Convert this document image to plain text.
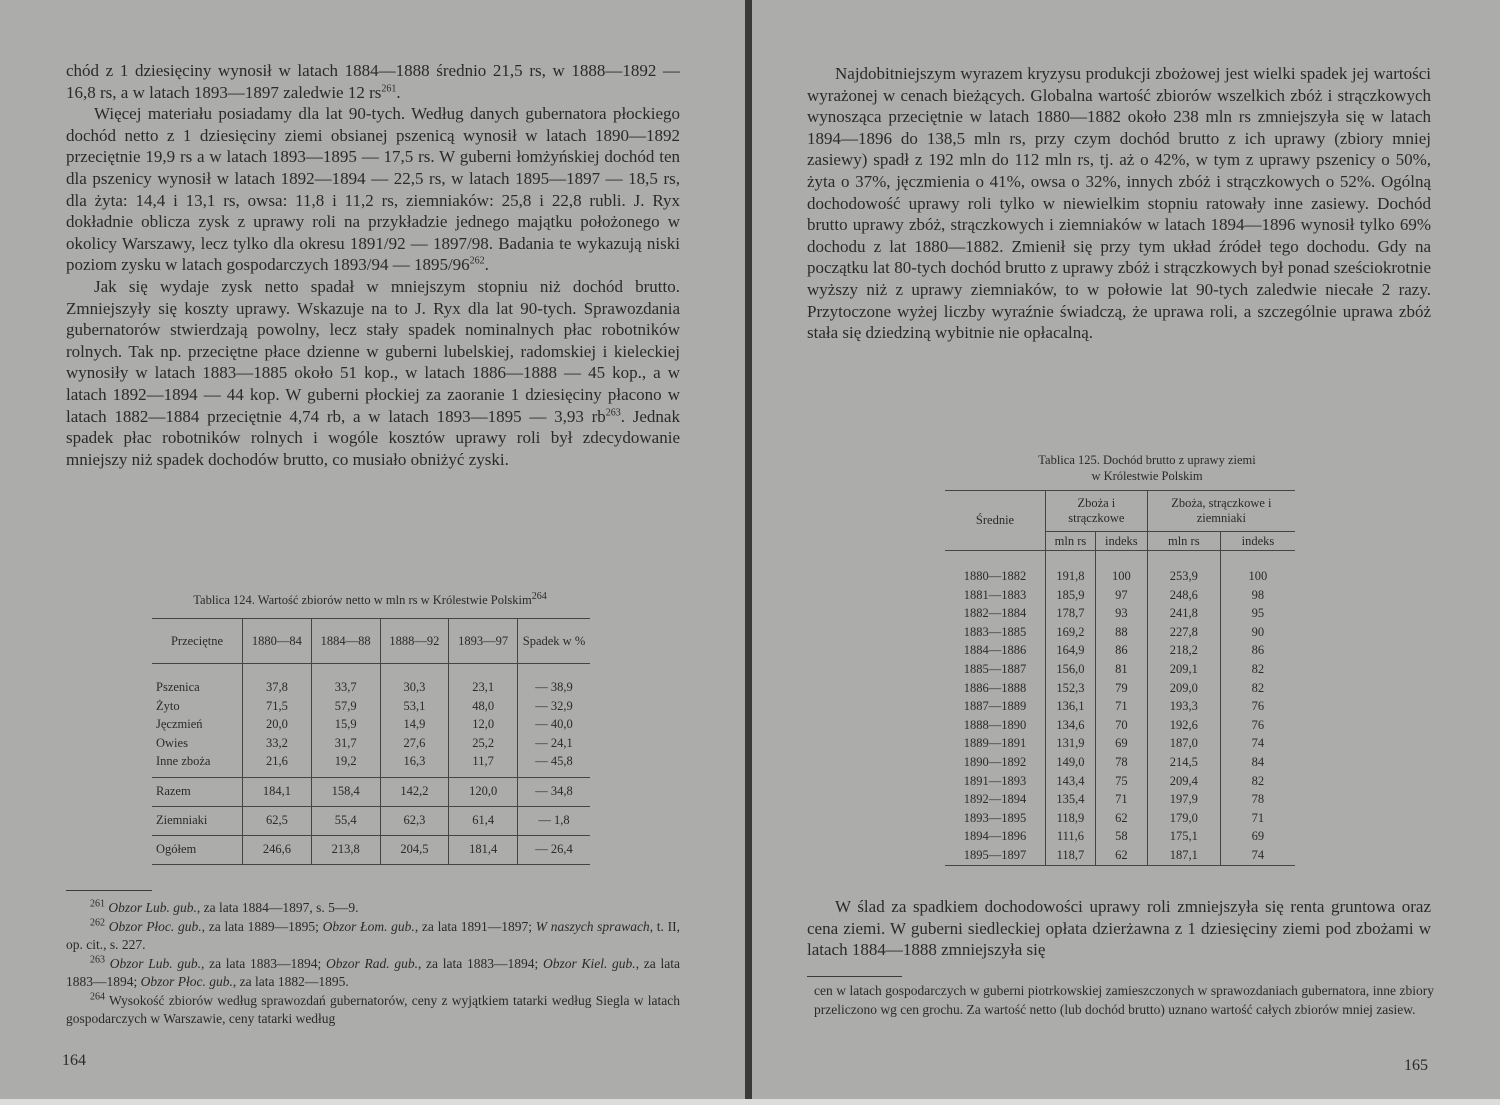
chód z 1 dziesięciny wynosił w latach 1884—1888 średnio 21,5 rs, w 1888—1892 — 16,8 rs, a w latach 1893—1897 zaledwie 12 $rs^{261}$.

Więcej materiału posiadamy dla lat 90-tych. Według danych gubernatora płockiego dochód netto z 1 dziesięciny ziemi obsianej pszenicą wynosił w latach 1890—1892 przeciętnie 19,9 rs a w latach 1893—1895 — 17,5 rs. W guberni łomżyńskiej dochód ten dla pszenicy wynosił w latach 1892—1894 — 22,5 rs, w latach 1895—1897 — 18,5 rs, dla żyta: 14,4 i 13,1 rs, owsa: 11,8 i 11,2 rs, ziemniaków: 25,8 i 22,8 rubli. J. Ryx dokładnie oblicza zysk z uprawy roli na przykładzie jednego majątku położonego w okolicy Warszawy, lecz tylko dla okresu 1891/92 — 1897/98. Badania te wykazują niski poziom zysku w latach gospodarczych 1893/94 — $1895/96^{262}$.

Jak się wydaje zysk netto spadał w mniejszym stopniu niż dochód brutto. Zmniejszyły się koszty uprawy. Wskazuje na to J. Ryx dla lat 90-tych. Sprawozdania gubernatorów stwierdzają powolny, lecz stały spadek nominalnych płac robotników rolnych. Tak np. przeciętne płace dzienne w guberni lubelskiej, radomskiej i kieleckiej wynosiły w latach 1883—1885 około 51 kop., w latach 1886—1888 — 45 kop., a w latach 1892—1894 — 44 kop. W guberni płockiej za zaoranie 1 dziesięciny płacono w latach 1882—1884 przeciętnie 4,74 rb, a w latach 1893—1895 — 3,93 $rb^{263}$. Jednak spadek płac robotników rolnych i wogóle kosztów uprawy roli był zdecydowanie mniejszy niż spadek dochodów brutto, co musiało obniżyć zyski.

Tablica 124. Wartość zbiorów netto w mln rs w Królestwie Polskim$^{264}$

Przeciętne	1880—84	1884—88	1888—92	1893—97	Spadek w %
Pszenica	37,8	33,7	30,3	23,1	— 38,9
Żyto	71,5	57,9	53,1	48,0	— 32,9
Jęczmień	20,0	15,9	14,9	12,0	— 40,0
Owies	33,2	31,7	27,6	25,2	— 24,1
Inne zboża	21,6	19,2	16,3	11,7	— 45,8
Razem	184,1	158,4	142,2	120,0	— 34,8
Ziemniaki	62,5	55,4	62,3	61,4	— 1,8
Ogółem	246,6	213,8	204,5	181,4	— 26,4

$^{261}$ Obzor Lub. gub., za lata 1884—1897, s. 5—9.

$^{262}$ Obzor Płoc. gub., za lata 1889—1895; Obzor Łom. gub., za lata 1891—1897; W naszych sprawach, t. II, op. cit., s. 227.

$^{263}$ Obzor Lub. gub., za lata 1883—1894; Obzor Rad. gub., za lata 1883—1894; Obzor Kiel. gub., za lata 1883—1894; Obzor Płoc. gub., za lata 1882—1895.

$^{264}$ Wysokość zbiorów według sprawozdań gubernatorów, ceny z wyjątkiem tatarki według Siegla w latach gospodarczych w Warszawie, ceny tatarki według

164

Najdobitniejszym wyrazem kryzysu produkcji zbożowej jest wielki spadek jej wartości wyrażonej w cenach bieżących. Globalna wartość zbiorów wszelkich zbóż i strączkowych wynosząca przeciętnie w latach 1880—1882 około 238 mln rs zmniejszyła się w latach 1894—1896 do 138,5 mln rs, przy czym dochód brutto z ich uprawy (zbiory mniej zasiewy) spadł z 192 mln do 112 mln rs, tj. aż o 42%, w tym z uprawy pszenicy o 50%, żyta o 37%, jęczmienia o 41%, owsa o 32%, innych zbóż i strączkowych o 52%. Ogólną dochodowość uprawy roli tylko w niewielkim stopniu ratowały inne zasiewy. Dochód brutto uprawy zbóż, strączkowych i ziemniaków w latach 1894—1896 wynosił tylko 69% dochodu z lat 1880—1882. Zmienił się przy tym układ źródeł tego dochodu. Gdy na początku lat 80-tych dochód brutto z uprawy zbóż i strączkowych był ponad sześciokrotnie wyższy niż z uprawy ziemniaków, to w połowie lat 90-tych zaledwie niecałe 2 razy. Przytoczone wyżej liczby wyraźnie świadczą, że uprawa roli, a szczególnie uprawa zbóż stała się dziedziną wybitnie nie opłacalną.

Tablica 125. Dochód brutto z uprawy ziemi

w Królestwie Polskim

Średnie	Zboża i strączkowe		Zboża, strączkowe i ziemniaki	
	mln rs	indeks	mln rs	indeks
1880—1882	191,8	100	253,9	100
1881—1883	185,9	97	248,6	98
1882—1884	178,7	93	241,8	95
1883—1885	169,2	88	227,8	90
1884—1886	164,9	86	218,2	86
1885—1887	156,0	81	209,1	82
1886—1888	152,3	79	209,0	82
1887—1889	136,1	71	193,3	76
1888—1890	134,6	70	192,6	76
1889—1891	131,9	69	187,0	74
1890—1892	149,0	78	214,5	84
1891—1893	143,4	75	209,4	82
1892—1894	135,4	71	197,9	78
1893—1895	118,9	62	179,0	71
1894—1896	111,6	58	175,1	69
1895—1897	118,7	62	187,1	74

W ślad za spadkiem dochodowości uprawy roli zmniejszyła się renta gruntowa oraz cena ziemi. W guberni siedleckiej opłata dzierżawna z 1 dziesięciny ziemi pod zbożami w latach 1884—1888 zmniejszyła się

cen w latach gospodarczych w guberni piotrkowskiej zamieszczonych w sprawozdaniach gubernatora, inne zbiory przeliczono wg cen grochu. Za wartość netto (lub dochód brutto) uznano wartość całych zbiorów mniej zasiew.

165
